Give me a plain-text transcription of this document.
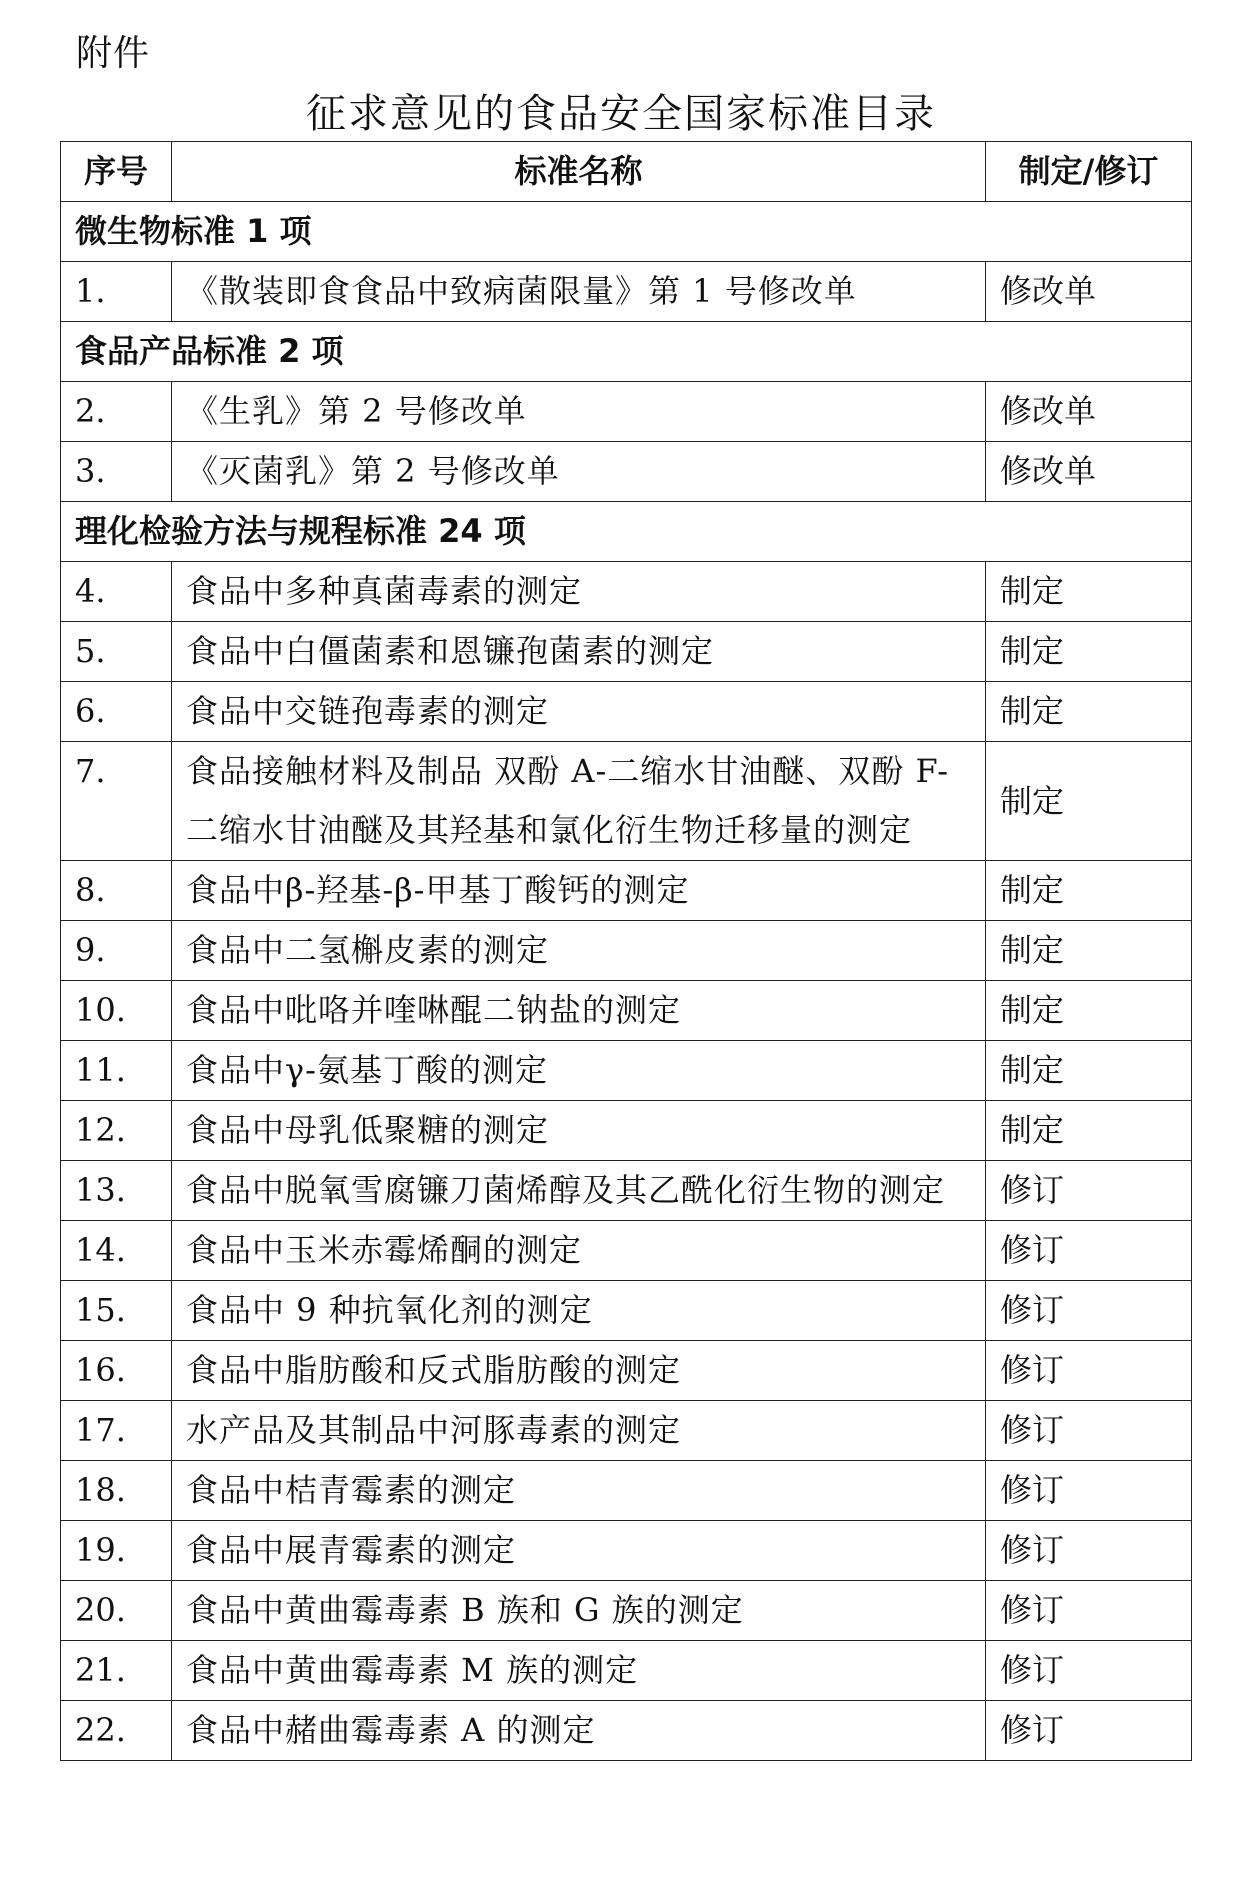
附件
征求意见的食品安全国家标准目录
序号	标准名称	制定/修订
微生物标准 1 项		
1.	《散装即食食品中致病菌限量》第 1 号修改单	修改单
食品产品标准 2 项		
2.	《生乳》第 2 号修改单	修改单
3.	《灭菌乳》第 2 号修改单	修改单
理化检验方法与规程标准 24 项		
4.	食品中多种真菌毒素的测定	制定
5.	食品中白僵菌素和恩镰孢菌素的测定	制定
6.	食品中交链孢毒素的测定	制定
7.	食品接触材料及制品 双酚 A-二缩水甘油醚、双酚 F-二缩水甘油醚及其羟基和氯化衍生物迁移量的测定	制定
8.	食品中β-羟基-β-甲基丁酸钙的测定	制定
9.	食品中二氢槲皮素的测定	制定
10.	食品中吡咯并喹啉醌二钠盐的测定	制定
11.	食品中γ-氨基丁酸的测定	制定
12.	食品中母乳低聚糖的测定	制定
13.	食品中脱氧雪腐镰刀菌烯醇及其乙酰化衍生物的测定	修订
14.	食品中玉米赤霉烯酮的测定	修订
15.	食品中 9 种抗氧化剂的测定	修订
16.	食品中脂肪酸和反式脂肪酸的测定	修订
17.	水产品及其制品中河豚毒素的测定	修订
18.	食品中桔青霉素的测定	修订
19.	食品中展青霉素的测定	修订
20.	食品中黄曲霉毒素 B 族和 G 族的测定	修订
21.	食品中黄曲霉毒素 M 族的测定	修订
22.	食品中赭曲霉毒素 A 的测定	修订
